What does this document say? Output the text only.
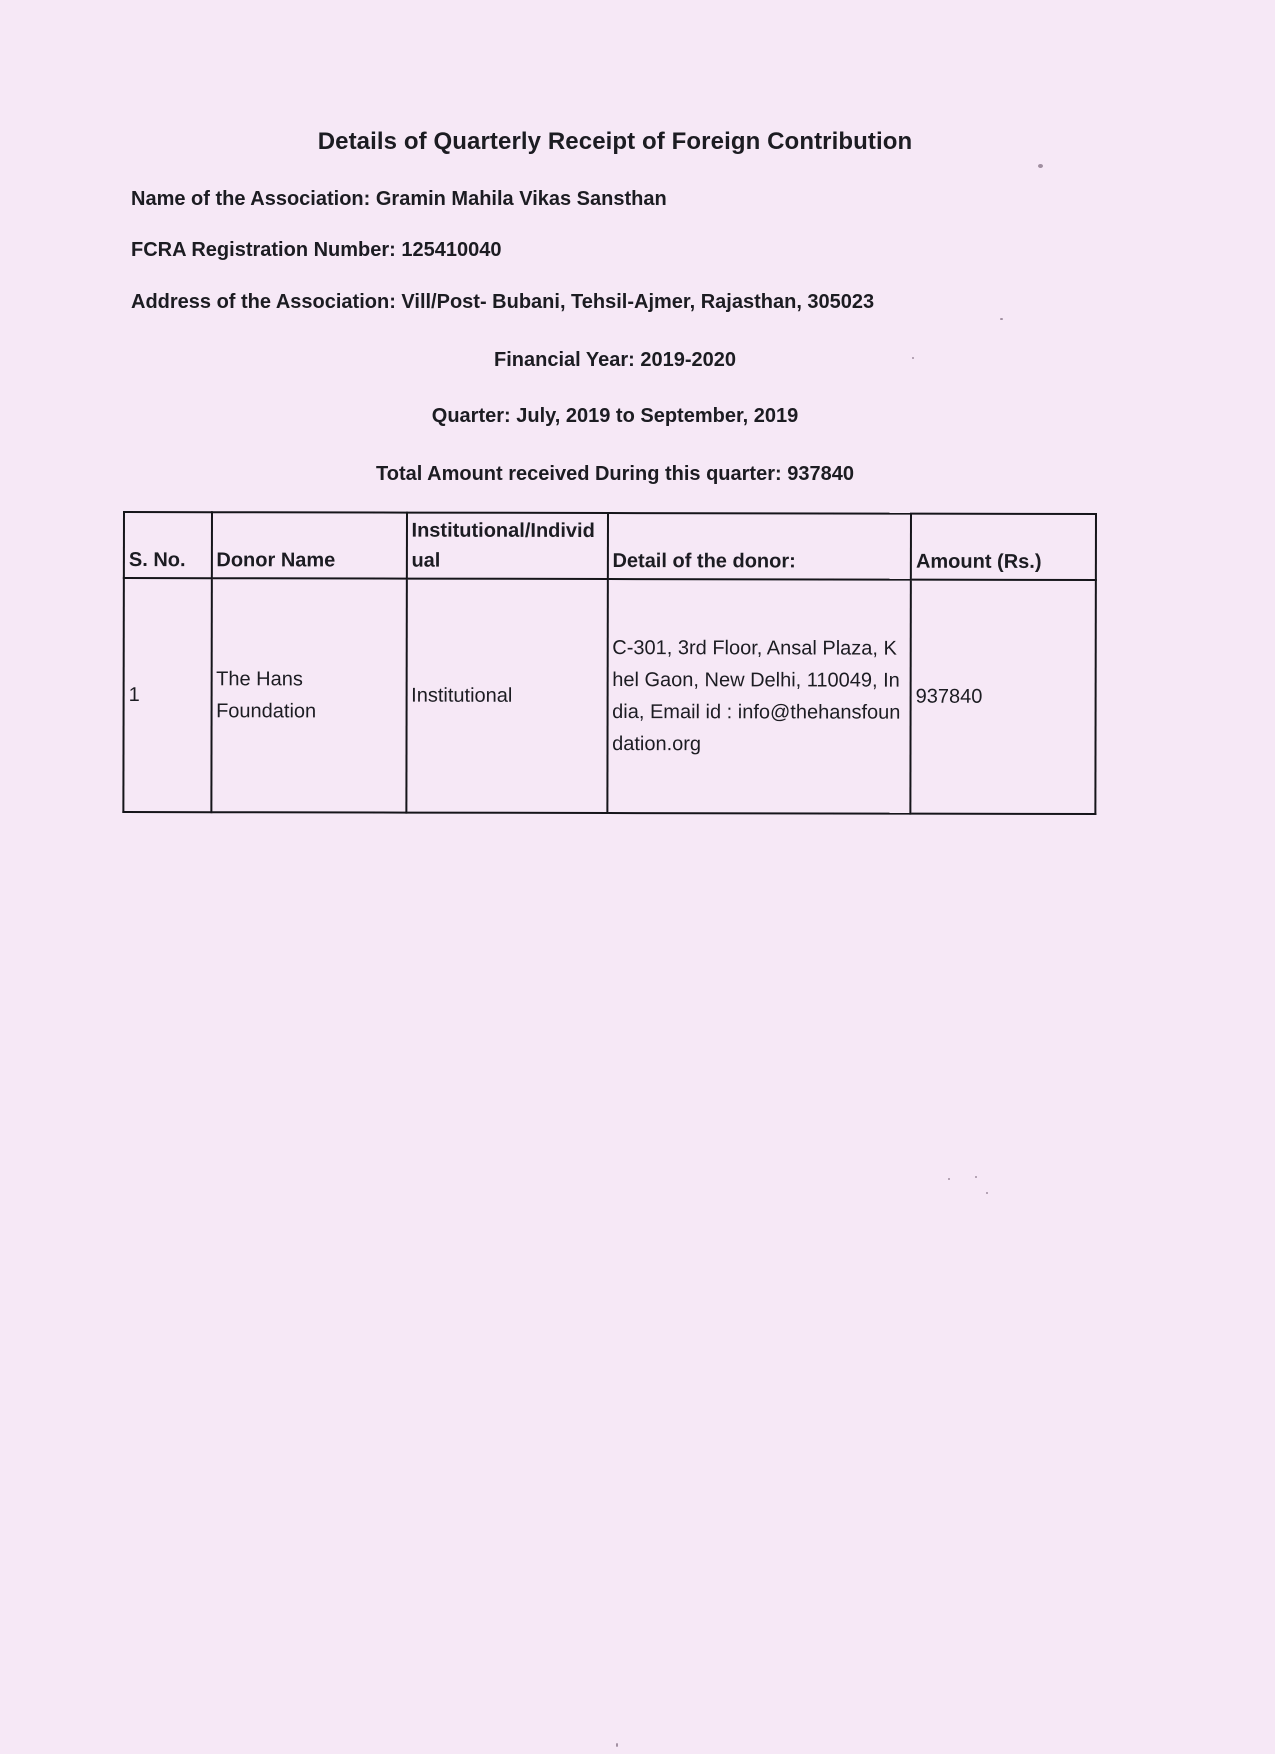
Details of Quarterly Receipt of Foreign Contribution
Name of the Association: Gramin Mahila Vikas Sansthan
FCRA Registration Number: 125410040
Address of the Association: Vill/Post- Bubani, Tehsil-Ajmer, Rajasthan, 305023
Financial Year: 2019-2020
Quarter: July, 2019 to September, 2019
Total Amount received During this quarter: 937840
S. No.	Donor Name	Institutional/Individual	Detail of the donor:	Amount (Rs.)
1	The Hans Foundation	Institutional	C-301, 3rd Floor, Ansal Plaza, Khel Gaon, New Delhi, 110049, India, Email id : info@thehansfoundation.org	937840
